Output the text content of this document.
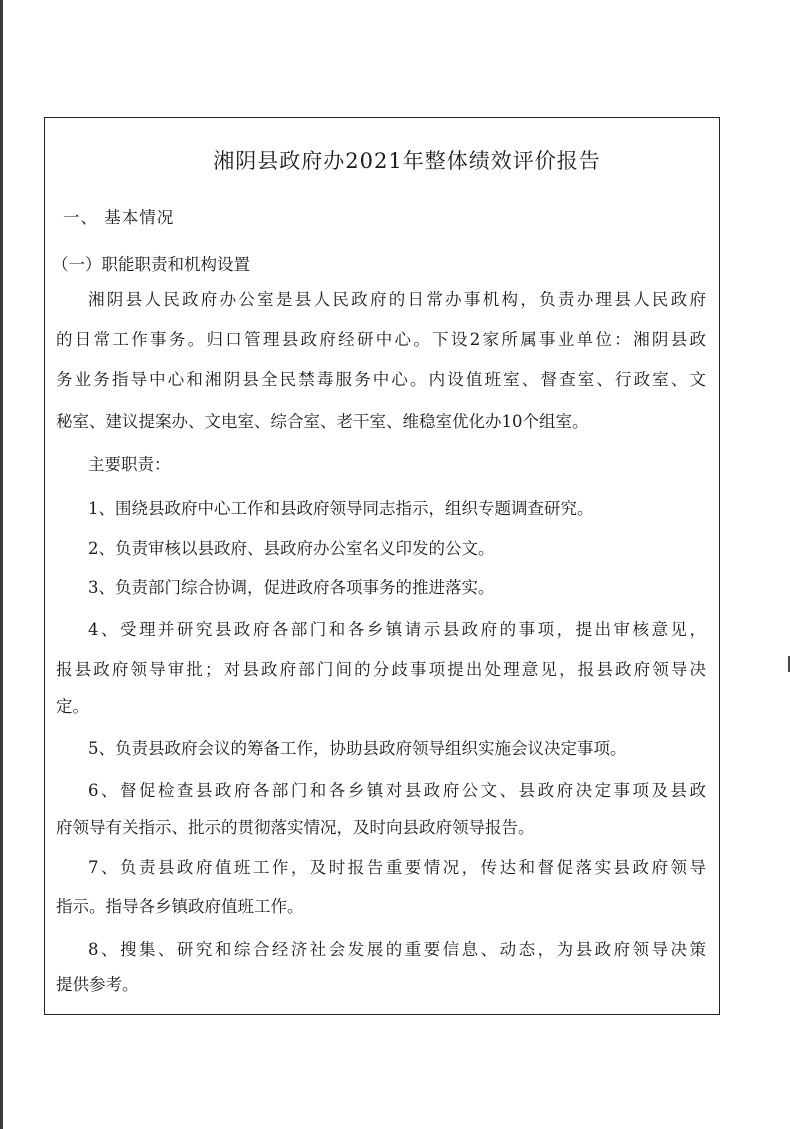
湘阴县政府办2021年整体绩效评价报告
一、 基本情况
（一）职能职责和机构设置
湘阴县人民政府办公室是县人民政府的日常办事机构，负责办理县人民政府
的日常工作事务。归口管理县政府经研中心。下设2家所属事业单位：湘阴县政
务业务指导中心和湘阴县全民禁毒服务中心。内设值班室、督查室、行政室、文
秘室、建议提案办、文电室、综合室、老干室、维稳室优化办10个组室。
主要职责：
1、围绕县政府中心工作和县政府领导同志指示，组织专题调查研究。
2、负责审核以县政府、县政府办公室名义印发的公文。
3、负责部门综合协调，促进政府各项事务的推进落实。
4、受理并研究县政府各部门和各乡镇请示县政府的事项，提出审核意见，
报县政府领导审批；对县政府部门间的分歧事项提出处理意见，报县政府领导决
定。
5、负责县政府会议的筹备工作，协助县政府领导组织实施会议决定事项。
6、督促检查县政府各部门和各乡镇对县政府公文、县政府决定事项及县政
府领导有关指示、批示的贯彻落实情况，及时向县政府领导报告。
7、负责县政府值班工作，及时报告重要情况，传达和督促落实县政府领导
指示。指导各乡镇政府值班工作。
8、搜集、研究和综合经济社会发展的重要信息、动态，为县政府领导决策
提供参考。
